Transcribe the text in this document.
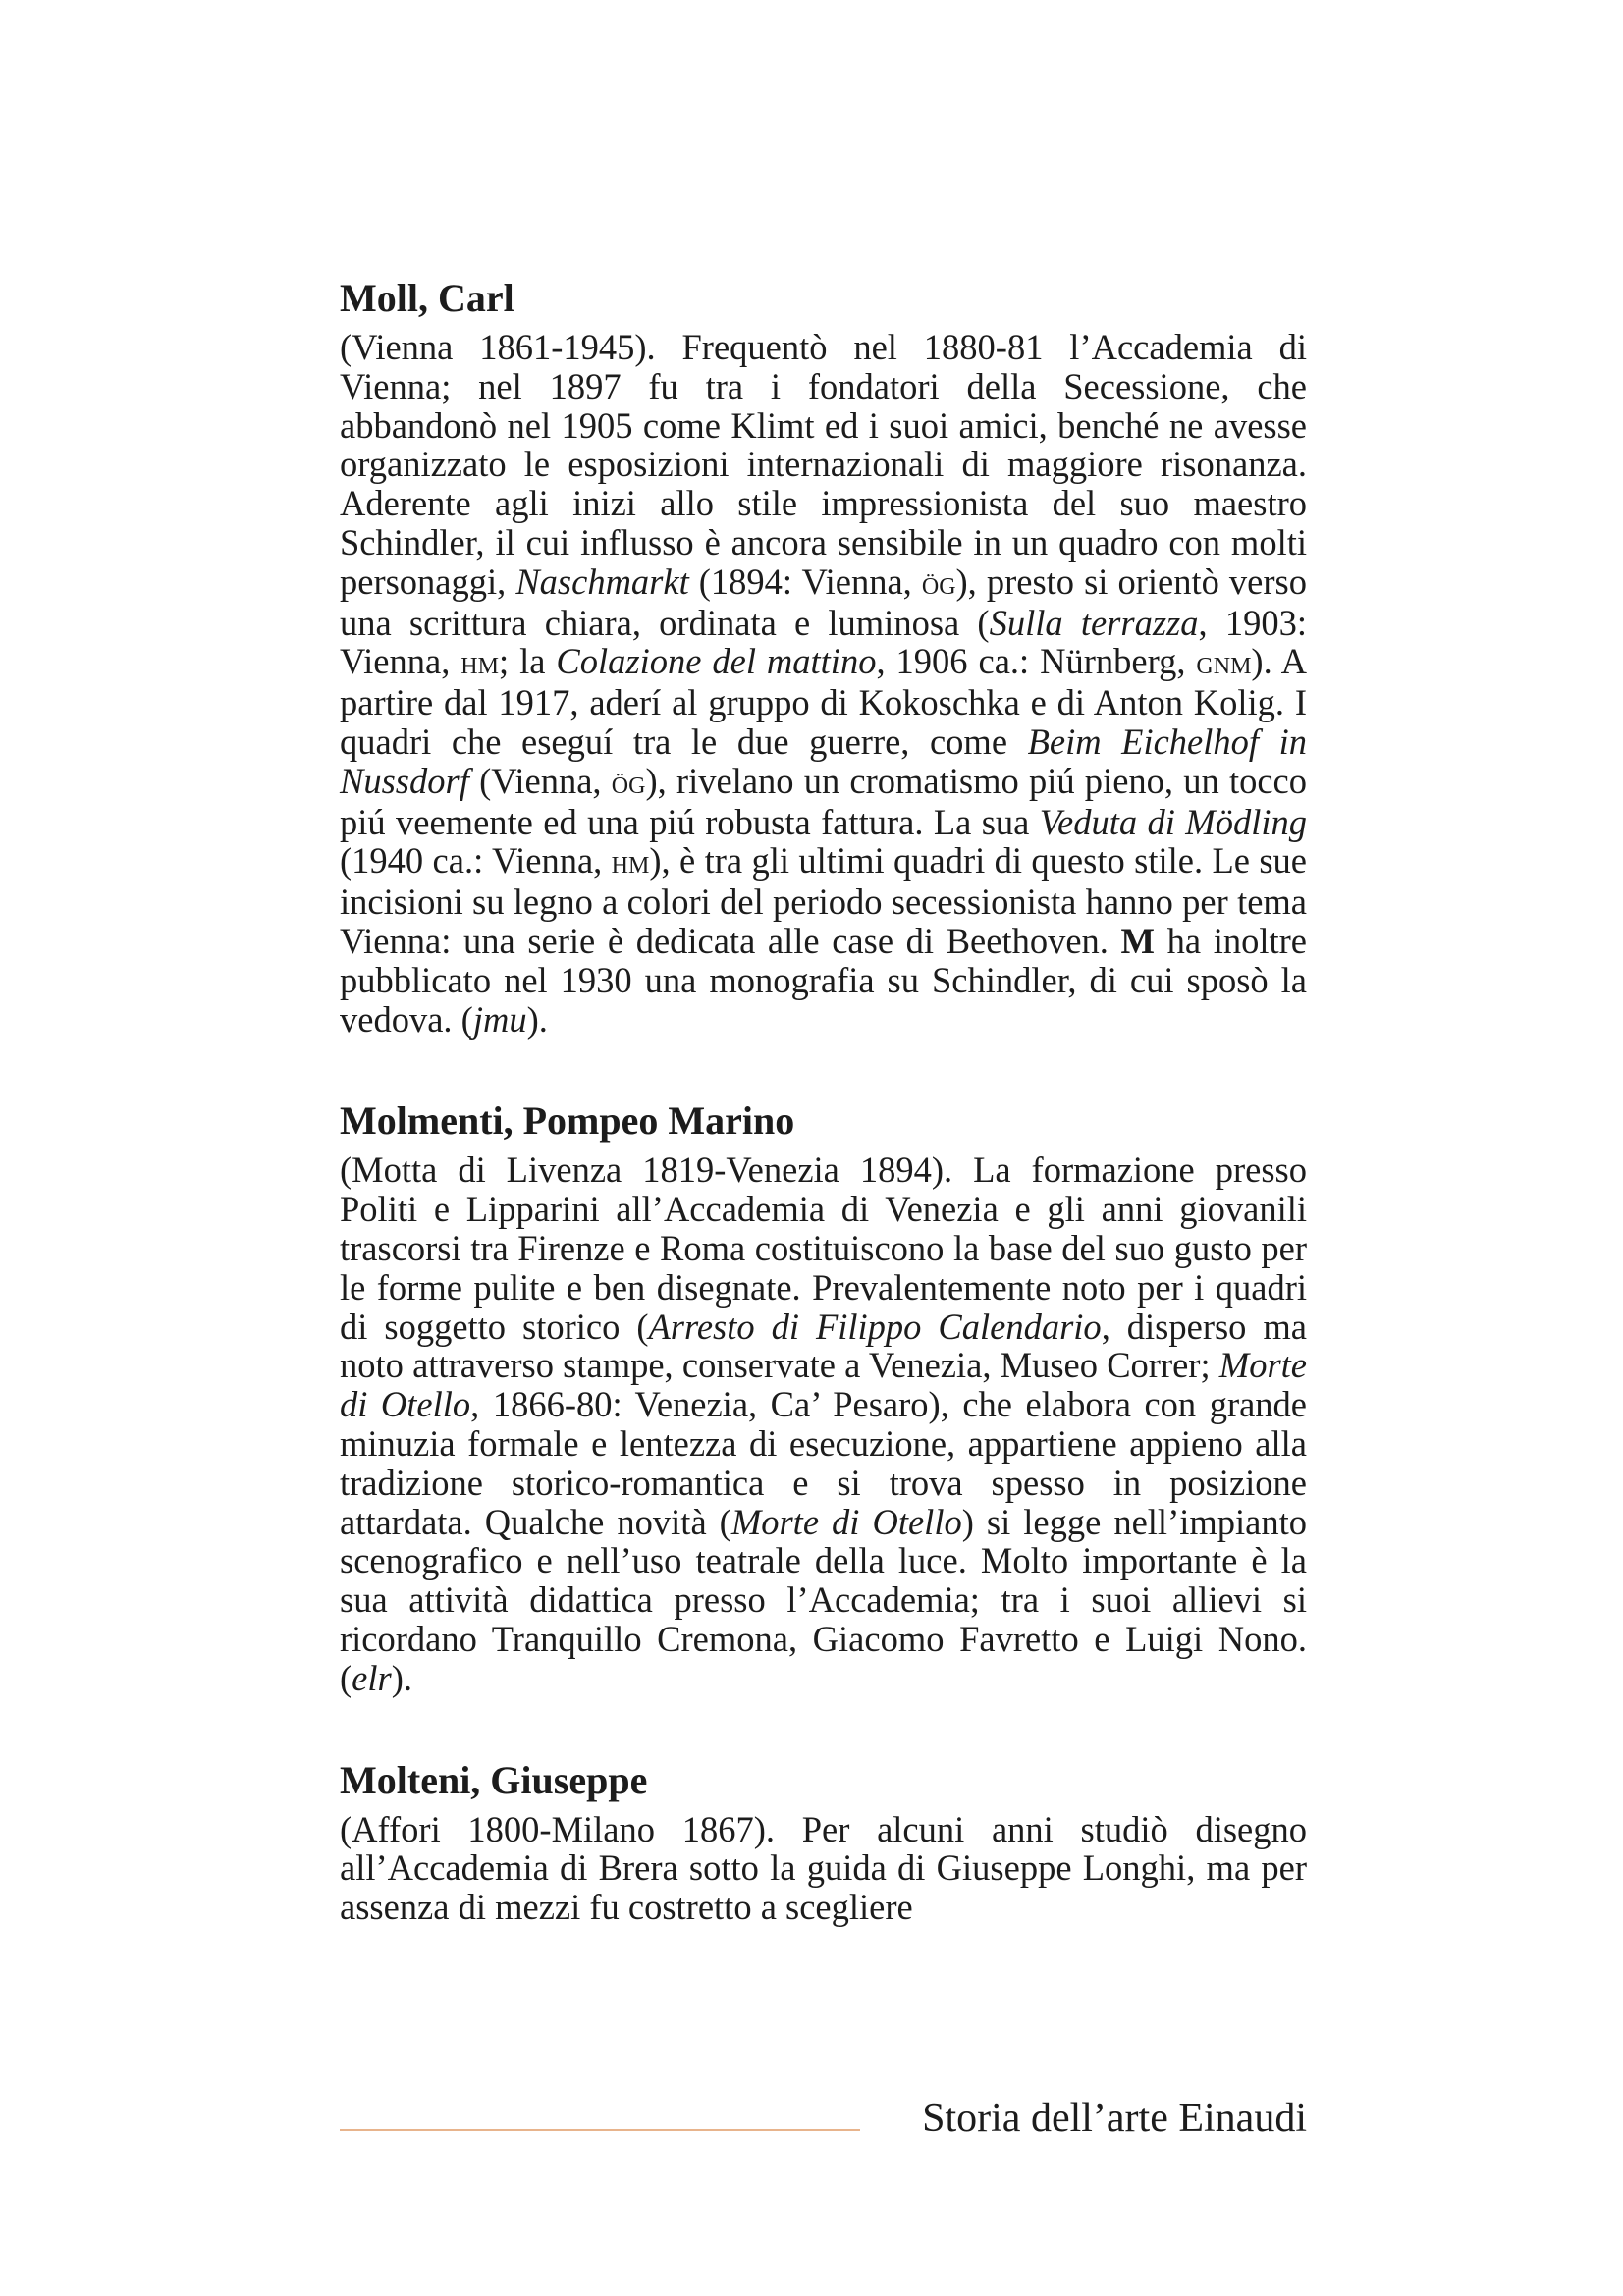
Moll, Carl

(Vienna 1861-1945). Frequentò nel 1880-81 l’Accademia di Vienna; nel 1897 fu tra i fondatori della Secessione, che abbandonò nel 1905 come Klimt ed i suoi amici, benché ne avesse organizzato le esposizioni internazionali di maggiore risonanza. Aderente agli inizi allo stile impressionista del suo maestro Schindler, il cui influsso è ancora sensibile in un quadro con molti personaggi, Naschmarkt (1894: Vienna, ög), presto si orientò verso una scrittura chiara, ordinata e luminosa (Sulla terrazza, 1903: Vienna, hm; la Colazione del mattino, 1906 ca.: Nürnberg, gnm). A partire dal 1917, aderí al gruppo di Kokoschka e di Anton Kolig. I quadri che eseguí tra le due guerre, come Beim Eichelhof in Nussdorf (Vienna, ög), rivelano un cromatismo piú pieno, un tocco piú veemente ed una piú robusta fattura. La sua Veduta di Mödling (1940 ca.: Vienna, hm), è tra gli ultimi quadri di questo stile. Le sue incisioni su legno a colori del periodo secessionista hanno per tema Vienna: una serie è dedicata alle case di Beethoven. M ha inoltre pubblicato nel 1930 una monografia su Schindler, di cui sposò la vedova. (jmu).

Molmenti, Pompeo Marino

(Motta di Livenza 1819-Venezia 1894). La formazione presso Politi e Lipparini all’Accademia di Venezia e gli anni giovanili trascorsi tra Firenze e Roma costituiscono la base del suo gusto per le forme pulite e ben disegnate. Prevalentemente noto per i quadri di soggetto storico (Arresto di Filippo Calendario, disperso ma noto attraverso stampe, conservate a Venezia, Museo Correr; Morte di Otello, 1866-80: Venezia, Ca’ Pesaro), che elabora con grande minuzia formale e lentezza di esecuzione, appartiene appieno alla tradizione storico-romantica e si trova spesso in posizione attardata. Qualche novità (Morte di Otello) si legge nell’impianto scenografico e nell’uso teatrale della luce. Molto importante è la sua attività didattica presso l’Accademia; tra i suoi allievi si ricordano Tranquillo Cremona, Giacomo Favretto e Luigi Nono. (elr).

Molteni, Giuseppe

(Affori 1800-Milano 1867). Per alcuni anni studiò disegno all’Accademia di Brera sotto la guida di Giuseppe Longhi, ma per assenza di mezzi fu costretto a scegliere

Storia dell’arte Einaudi
